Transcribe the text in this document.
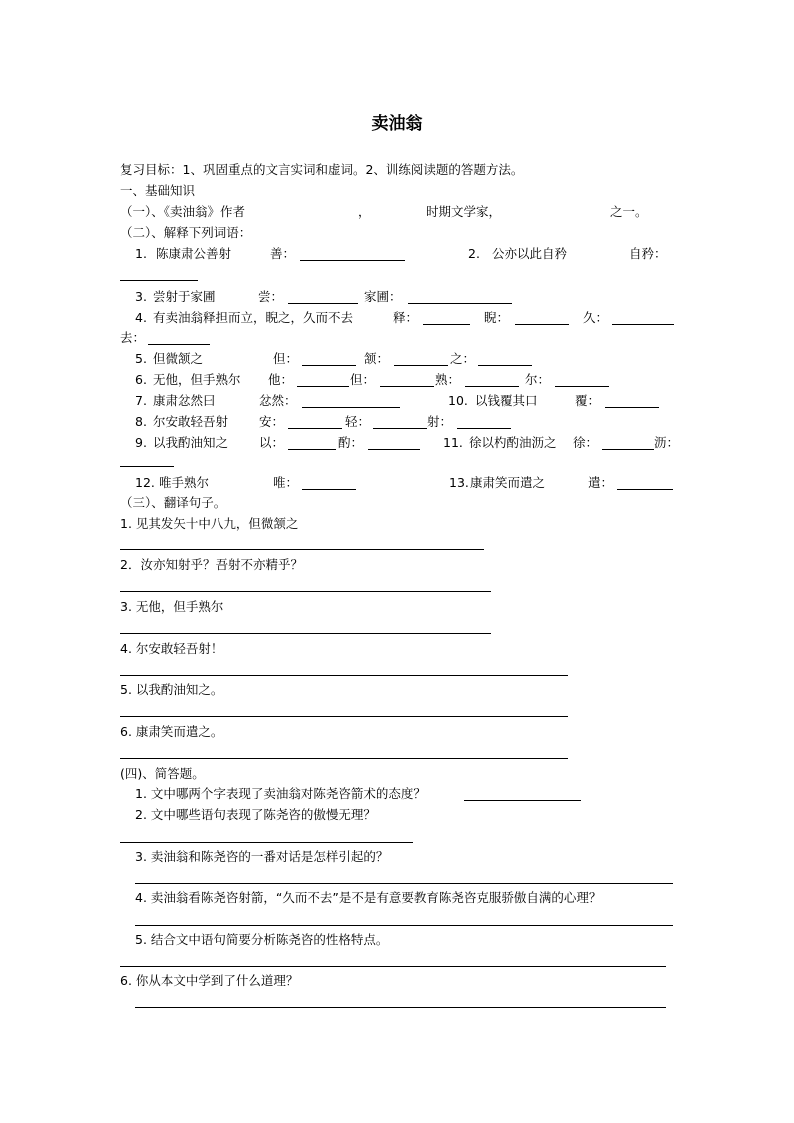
卖油翁
复习目标：1、巩固重点的文言实词和虚词。2、训练阅读题的答题方法。
一、基础知识
（一）、《卖油翁》作者	，	时期文学家，	之一。
（二）、解释下列词语：
1. 陈康肃公善射	善：	2. 公亦以此自矜	自矜：
3. 尝射于家圃	尝：	家圃：
4. 有卖油翁释担而立，睨之，久而不去	释：	睨：	久：
去：
5. 但微颔之	但：	颔：	之：
6. 无他，但手熟尔 他：	但：	熟：	尔：
7. 康肃忿然曰	忿然：	10. 以钱覆其口	覆：
8. 尔安敢轻吾射 安：	轻：	射：
9. 以我酌油知之 以：	酌：	11. 徐以杓酌油沥之 徐：	沥：
12. 唯手熟尔	唯：	13. 康肃笑而遣之	遣：
（三）、翻译句子。
1. 见其发矢十中八九，但微颔之
2．汝亦知射乎？吾射不亦精乎？
3. 无他，但手熟尔
4. 尔安敢轻吾射！
5. 以我酌油知之。
6. 康肃笑而遣之。
(四)、简答题。
1. 文中哪两个字表现了卖油翁对陈尧咨箭术的态度？
2. 文中哪些语句表现了陈尧咨的傲慢无理？
3. 卖油翁和陈尧咨的一番对话是怎样引起的？
4. 卖油翁看陈尧咨射箭，“久而不去”是不是有意要教育陈尧咨克服骄傲自满的心理？
5. 结合文中语句简要分析陈尧咨的性格特点。
6. 你从本文中学到了什么道理？
